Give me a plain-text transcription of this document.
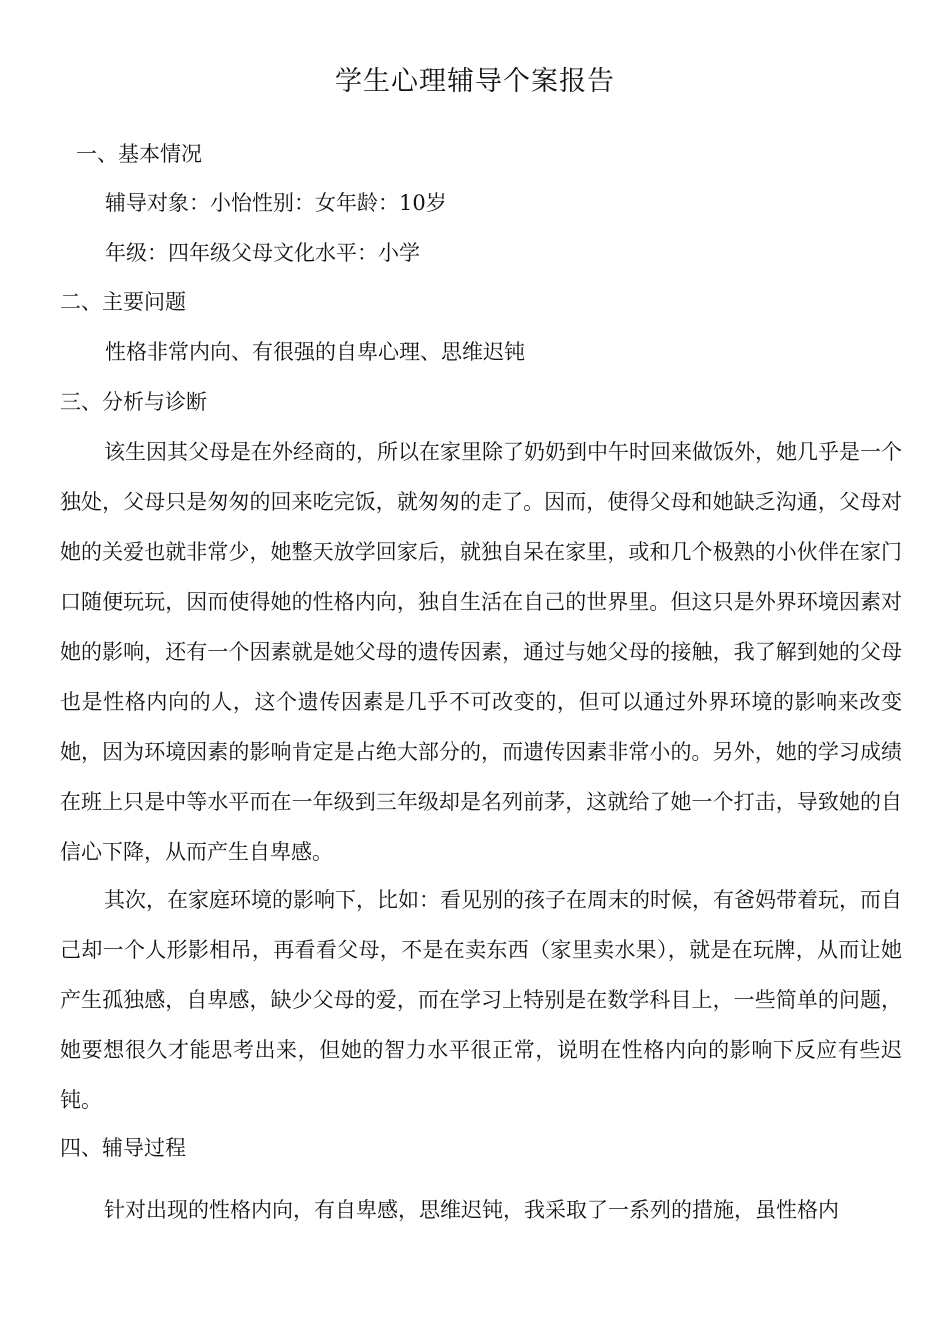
学生心理辅导个案报告
一、基本情况
辅导对象：小怡性别：女年龄：10岁
年级：四年级父母文化水平：小学
二、主要问题
性格非常内向、有很强的自卑心理、思维迟钝
三、分析与诊断

该生因其父母是在外经商的，所以在家里除了奶奶到中午时回来做饭外，她几乎是一个独处，父母只是匆匆的回来吃完饭，就匆匆的走了。因而，使得父母和她缺乏沟通，父母对她的关爱也就非常少，她整天放学回家后，就独自呆在家里，或和几个极熟的小伙伴在家门口随便玩玩，因而使得她的性格内向，独自生活在自己的世界里。但这只是外界环境因素对她的影响，还有一个因素就是她父母的遗传因素，通过与她父母的接触，我了解到她的父母也是性格内向的人，这个遗传因素是几乎不可改变的，但可以通过外界环境的影响来改变她，因为环境因素的影响肯定是占绝大部分的，而遗传因素非常小的。另外，她的学习成绩在班上只是中等水平而在一年级到三年级却是名列前茅，这就给了她一个打击，导致她的自信心下降，从而产生自卑感。

其次，在家庭环境的影响下，比如：看见别的孩子在周末的时候，有爸妈带着玩，而自己却一个人形影相吊，再看看父母，不是在卖东西（家里卖水果），就是在玩牌，从而让她产生孤独感，自卑感，缺少父母的爱，而在学习上特别是在数学科目上，一些简单的问题，她要想很久才能思考出来，但她的智力水平很正常，说明在性格内向的影响下反应有些迟钝。

四、辅导过程

针对出现的性格内向，有自卑感，思维迟钝，我采取了一系列的措施，虽性格内
